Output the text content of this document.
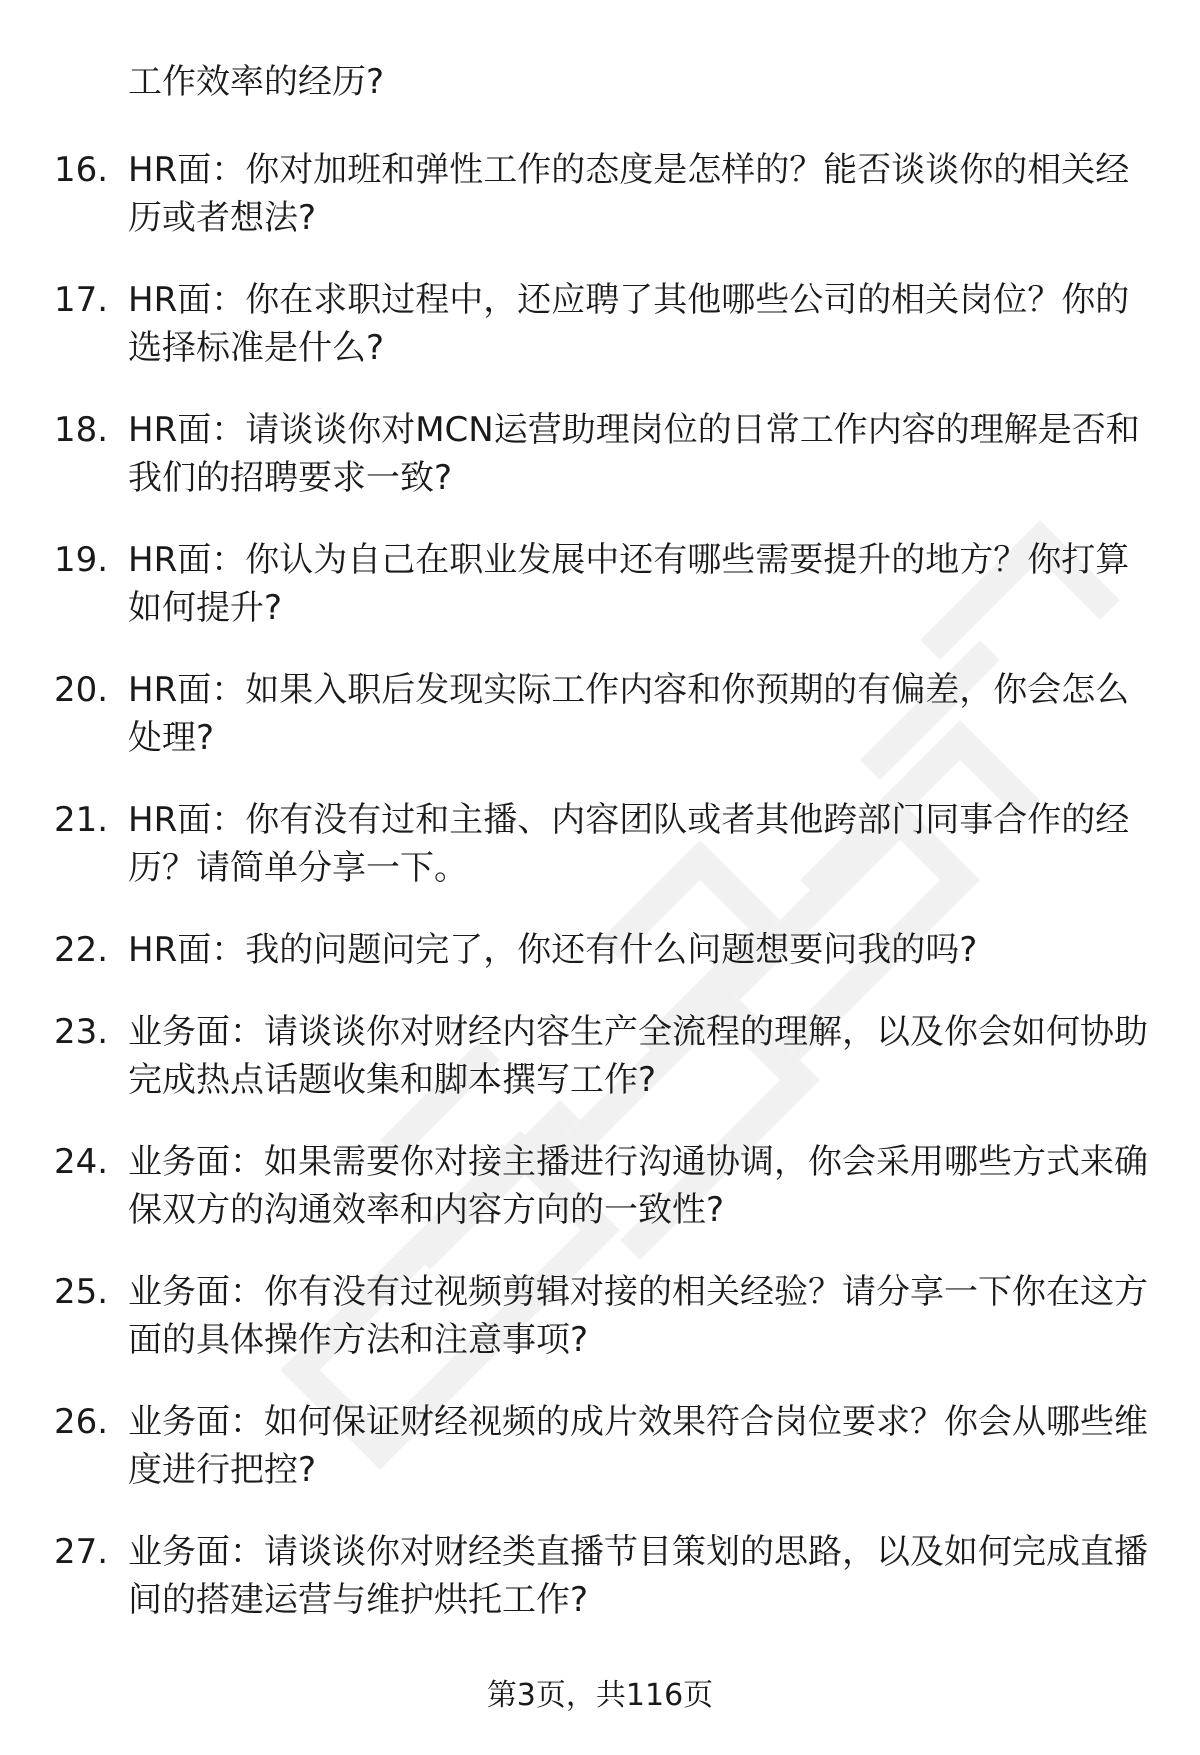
工作效率的经历?
16. HR面：你对加班和弹性工作的态度是怎样的？能否谈谈你的相关经历或者想法?
17. HR面：你在求职过程中，还应聘了其他哪些公司的相关岗位？你的选择标准是什么?
18. HR面：请谈谈你对MCN运营助理岗位的日常工作内容的理解是否和我们的招聘要求一致?
19. HR面：你认为自己在职业发展中还有哪些需要提升的地方？你打算如何提升?
20. HR面：如果入职后发现实际工作内容和你预期的有偏差，你会怎么处理?
21. HR面：你有没有过和主播、内容团队或者其他跨部门同事合作的经历？请简单分享一下。
22. HR面：我的问题问完了，你还有什么问题想要问我的吗?
23. 业务面：请谈谈你对财经内容生产全流程的理解，以及你会如何协助完成热点话题收集和脚本撰写工作?
24. 业务面：如果需要你对接主播进行沟通协调，你会采用哪些方式来确保双方的沟通效率和内容方向的一致性?
25. 业务面：你有没有过视频剪辑对接的相关经验？请分享一下你在这方面的具体操作方法和注意事项?
26. 业务面：如何保证财经视频的成片效果符合岗位要求？你会从哪些维度进行把控?
27. 业务面：请谈谈你对财经类直播节目策划的思路，以及如何完成直播间的搭建运营与维护烘托工作?
第3页，共116页
